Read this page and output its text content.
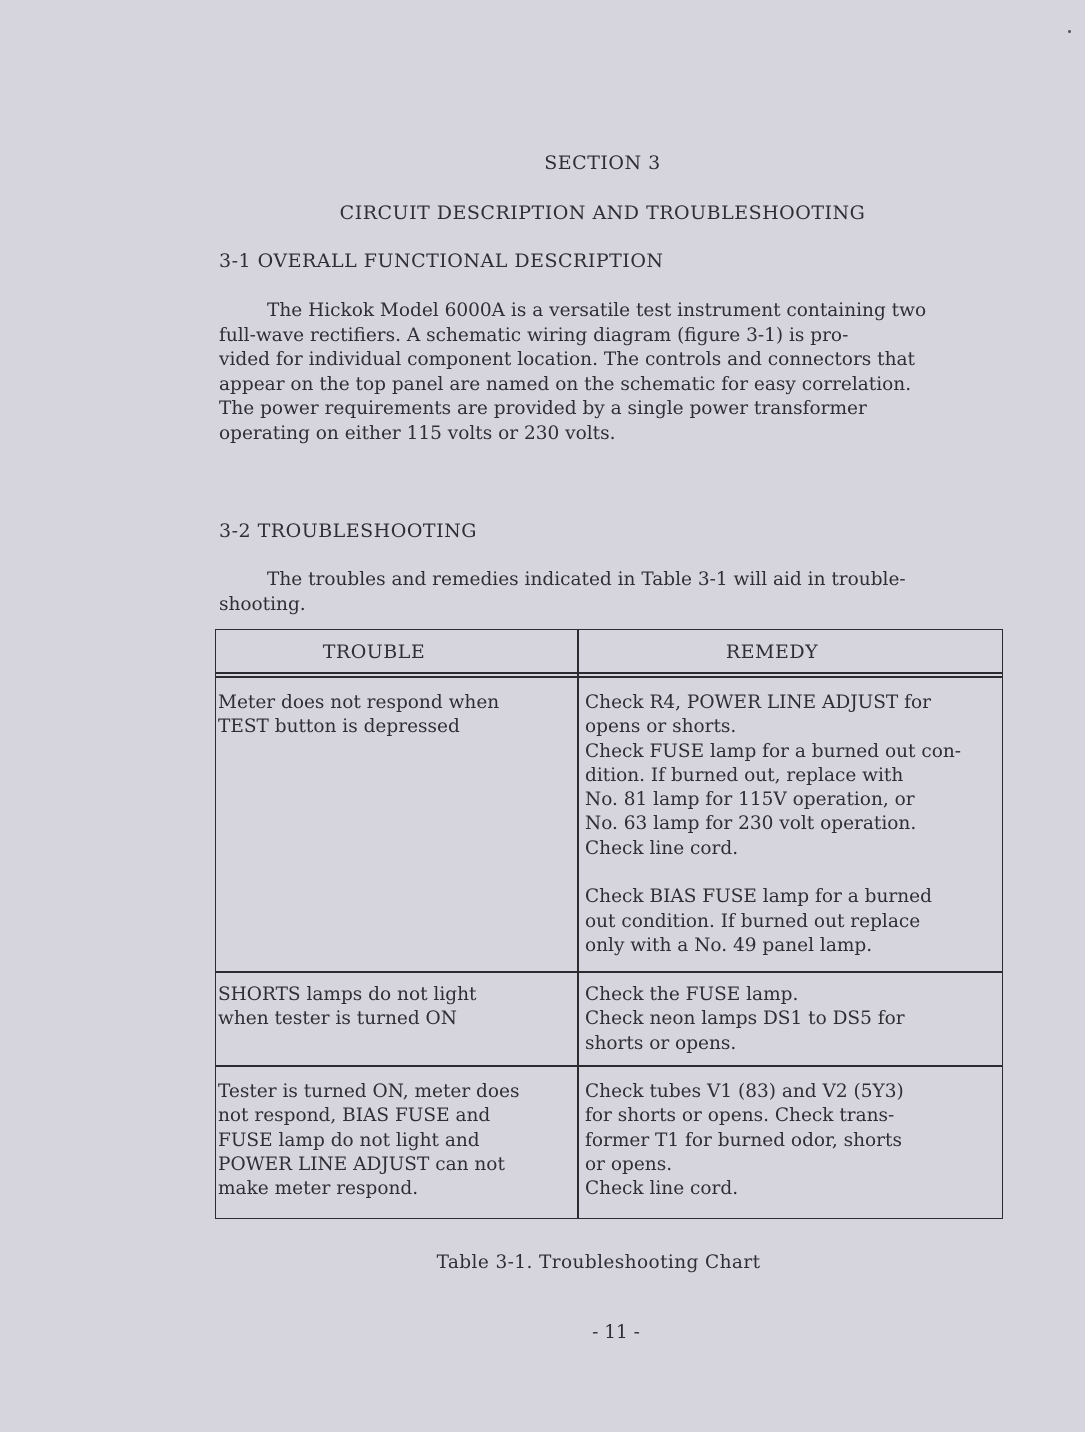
SECTION 3
CIRCUIT DESCRIPTION AND TROUBLESHOOTING
3-1 OVERALL FUNCTIONAL DESCRIPTION
The Hickok Model 6000A is a versatile test instrument containing two
full-wave rectifiers. A schematic wiring diagram (figure 3-1) is pro-
vided for individual component location. The controls and connectors that
appear on the top panel are named on the schematic for easy correlation.
The power requirements are provided by a single power transformer
operating on either 115 volts or 230 volts.
3-2 TROUBLESHOOTING
The troubles and remedies indicated in Table 3-1 will aid in trouble-
shooting.
TROUBLE	REMEDY
Meter does not respond when
TEST button is depressed
Check R4, POWER LINE ADJUST for
opens or shorts.
Check FUSE lamp for a burned out con-
dition. If burned out, replace with
No. 81 lamp for 115V operation, or
No. 63 lamp for 230 volt operation.
Check line cord.
Check BIAS FUSE lamp for a burned
out condition. If burned out replace
only with a No. 49 panel lamp.
SHORTS lamps do not light
when tester is turned ON
Check the FUSE lamp.
Check neon lamps DS1 to DS5 for
shorts or opens.
Tester is turned ON, meter does
not respond, BIAS FUSE and
FUSE lamp do not light and
POWER LINE ADJUST can not
make meter respond.
Check tubes V1 (83) and V2 (5Y3)
for shorts or opens. Check trans-
former T1 for burned odor, shorts
or opens.
Check line cord.
Table 3-1. Troubleshooting Chart
- 11 -
